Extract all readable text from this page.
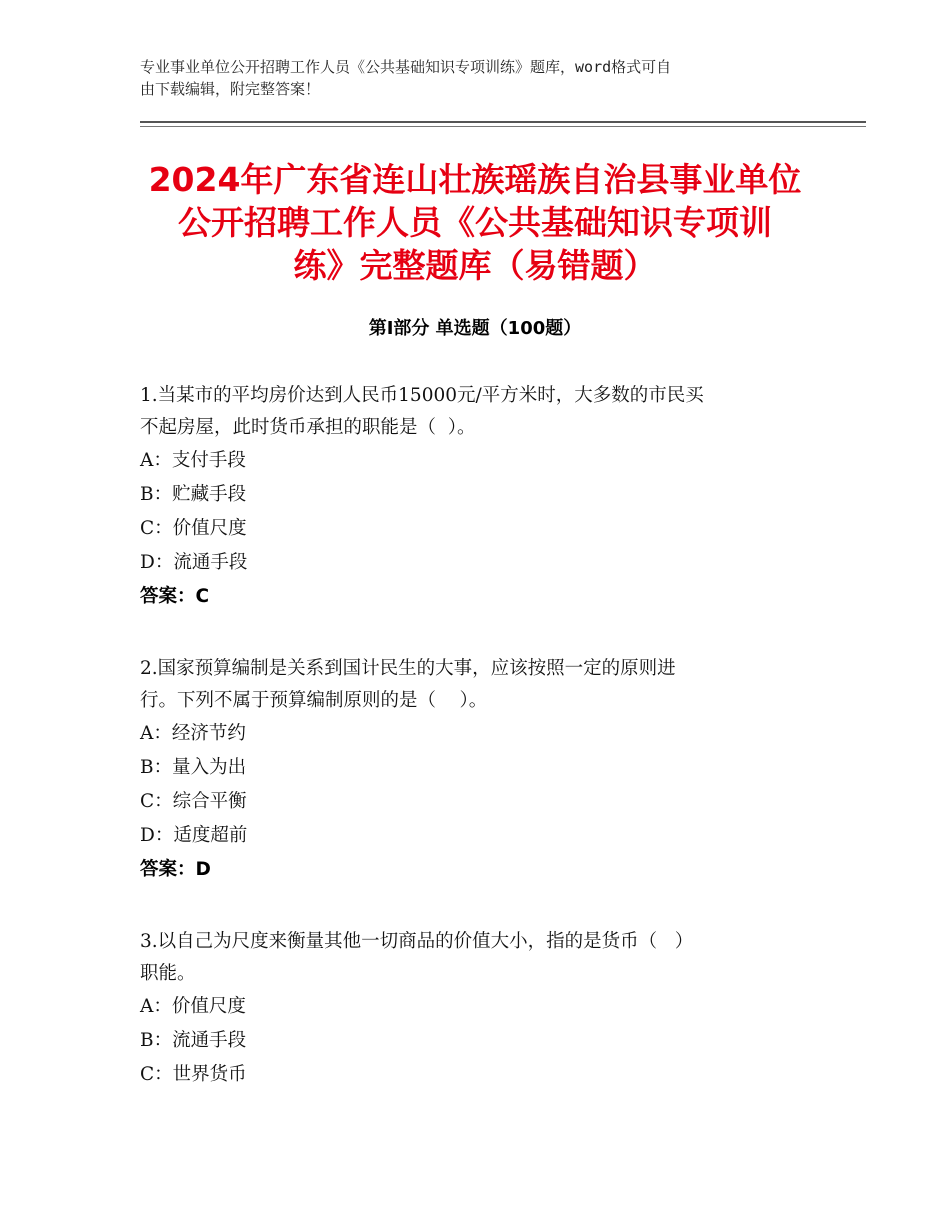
专业事业单位公开招聘工作人员《公共基础知识专项训练》题库，word格式可自
由下载编辑，附完整答案！
2024年广东省连山壮族瑶族自治县事业单位
公开招聘工作人员《公共基础知识专项训
练》完整题库（易错题）
第Ⅰ部分 单选题（100题）

1.当某市的平均房价达到人民币15000元/平方米时，大多数的市民买
不起房屋，此时货币承担的职能是（  ）。

A：支付手段

B：贮藏手段

C：价值尺度

D：流通手段

答案：C

2.国家预算编制是关系到国计民生的大事，应该按照一定的原则进
行。下列不属于预算编制原则的是（    ）。

A：经济节约

B：量入为出

C：综合平衡

D：适度超前

答案：D

3.以自己为尺度来衡量其他一切商品的价值大小，指的是货币（   ）
职能。

A：价值尺度

B：流通手段

C：世界货币
